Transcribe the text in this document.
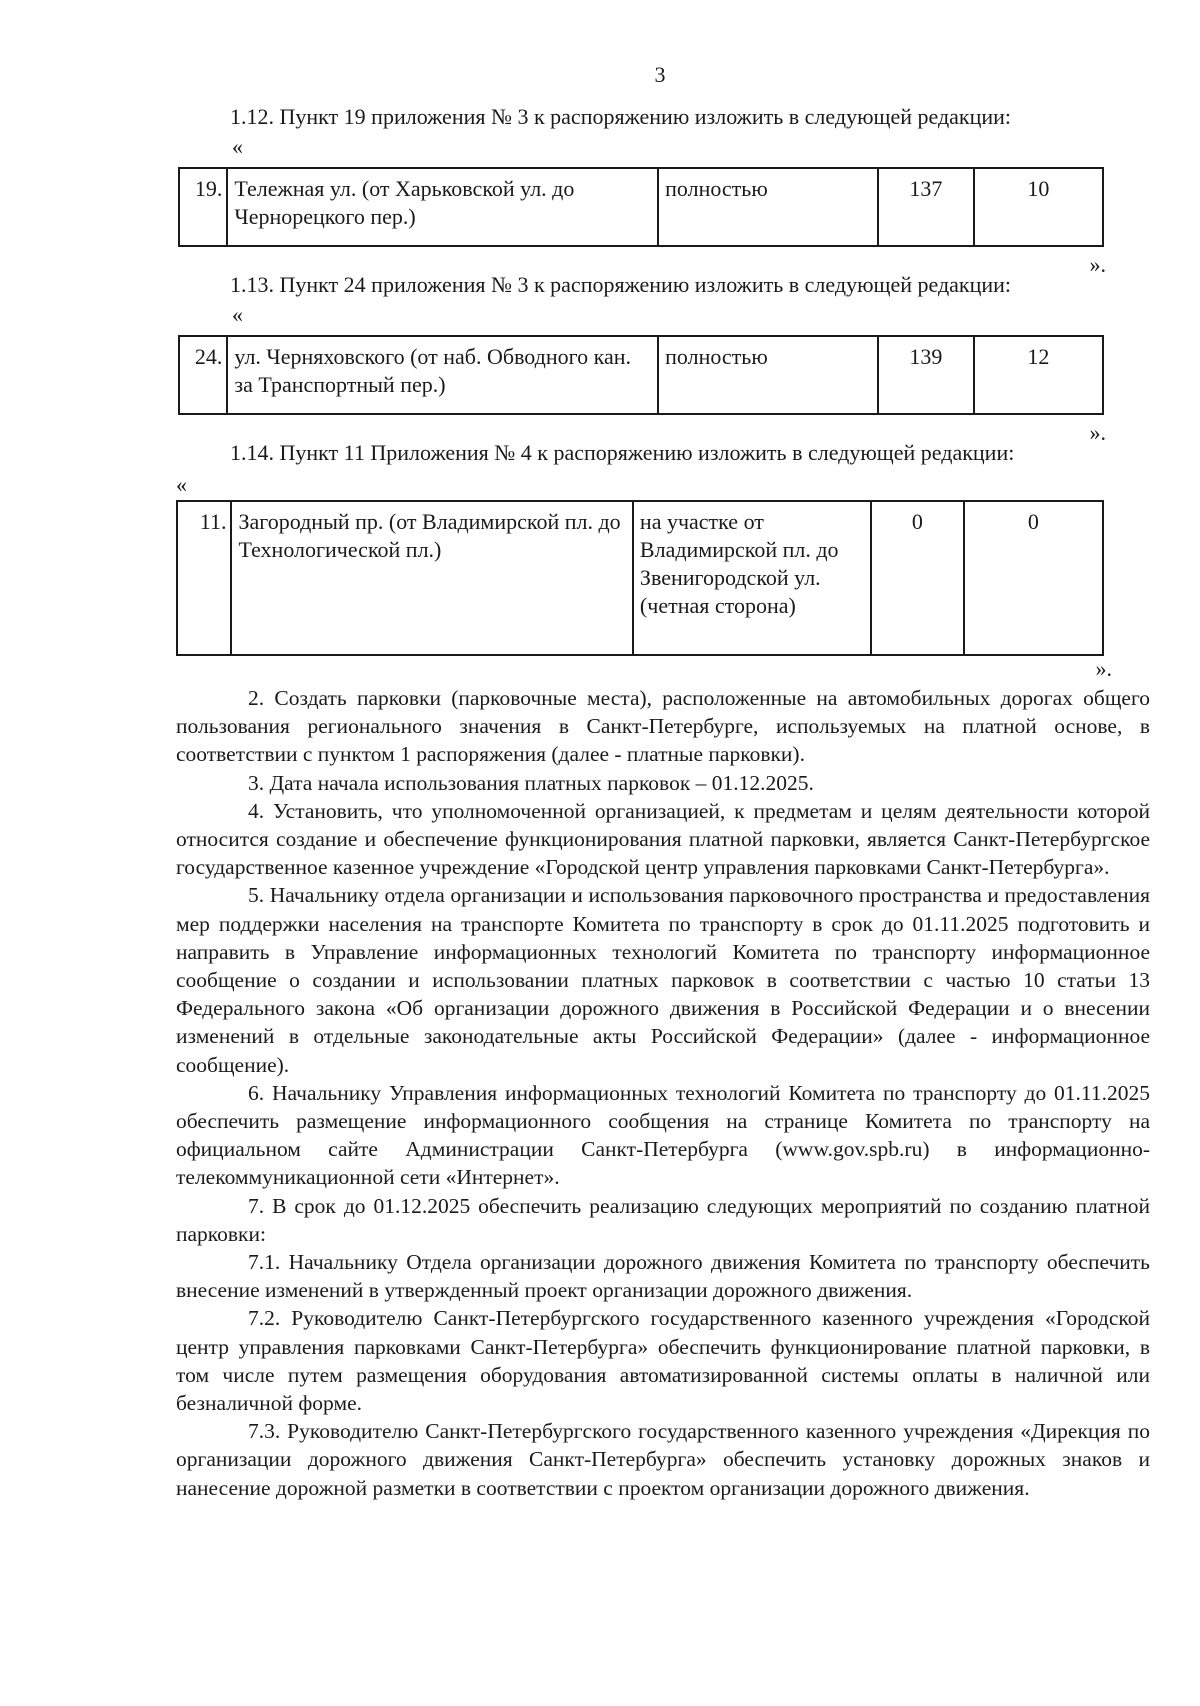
3
1.12. Пункт 19 приложения № 3 к распоряжению изложить в следующей редакции:
«
19.	Тележная ул. (от Харьковской ул. до Чернорецкого пер.)	полностью	137	10
».
1.13. Пункт 24 приложения № 3 к распоряжению изложить в следующей редакции:
«
24.	ул. Черняховского (от наб. Обводного кан. за Транспортный пер.)	полностью	139	12
».
1.14. Пункт 11 Приложения № 4 к распоряжению изложить в следующей редакции:
«
11.	Загородный пр. (от Владимирской пл. до Технологической пл.)	на участке от Владимирской пл. до Звенигородской ул. (четная сторона)	0	0
».

2. Создать парковки (парковочные места), расположенные на автомобильных дорогах общего пользования регионального значения в Санкт-Петербурге, используемых на платной основе, в соответствии с пунктом 1 распоряжения (далее - платные парковки).

3. Дата начала использования платных парковок – 01.12.2025.

4. Установить, что уполномоченной организацией, к предметам и целям деятельности которой относится создание и обеспечение функционирования платной парковки, является Санкт-Петербургское государственное казенное учреждение «Городской центр управления парковками Санкт-Петербурга».

5. Начальнику отдела организации и использования парковочного пространства и предоставления мер поддержки населения на транспорте Комитета по транспорту в срок до 01.11.2025 подготовить и направить в Управление информационных технологий Комитета по транспорту информационное сообщение о создании и использовании платных парковок в соответствии с частью 10 статьи 13 Федерального закона «Об организации дорожного движения в Российской Федерации и о внесении изменений в отдельные законодательные акты Российской Федерации» (далее - информационное сообщение).

6. Начальнику Управления информационных технологий Комитета по транспорту до 01.11.2025 обеспечить размещение информационного сообщения на странице Комитета по транспорту на официальном сайте Администрации Санкт-Петербурга (www.gov.spb.ru) в информационно-телекоммуникационной сети «Интернет».

7. В срок до 01.12.2025 обеспечить реализацию следующих мероприятий по созданию платной парковки:

7.1. Начальнику Отдела организации дорожного движения Комитета по транспорту обеспечить внесение изменений в утвержденный проект организации дорожного движения.

7.2. Руководителю Санкт-Петербургского государственного казенного учреждения «Городской центр управления парковками Санкт-Петербурга» обеспечить функционирование платной парковки, в том числе путем размещения оборудования автоматизированной системы оплаты в наличной или безналичной форме.

7.3. Руководителю Санкт-Петербургского государственного казенного учреждения «Дирекция по организации дорожного движения Санкт-Петербурга» обеспечить установку дорожных знаков и нанесение дорожной разметки в соответствии с проектом организации дорожного движения.
